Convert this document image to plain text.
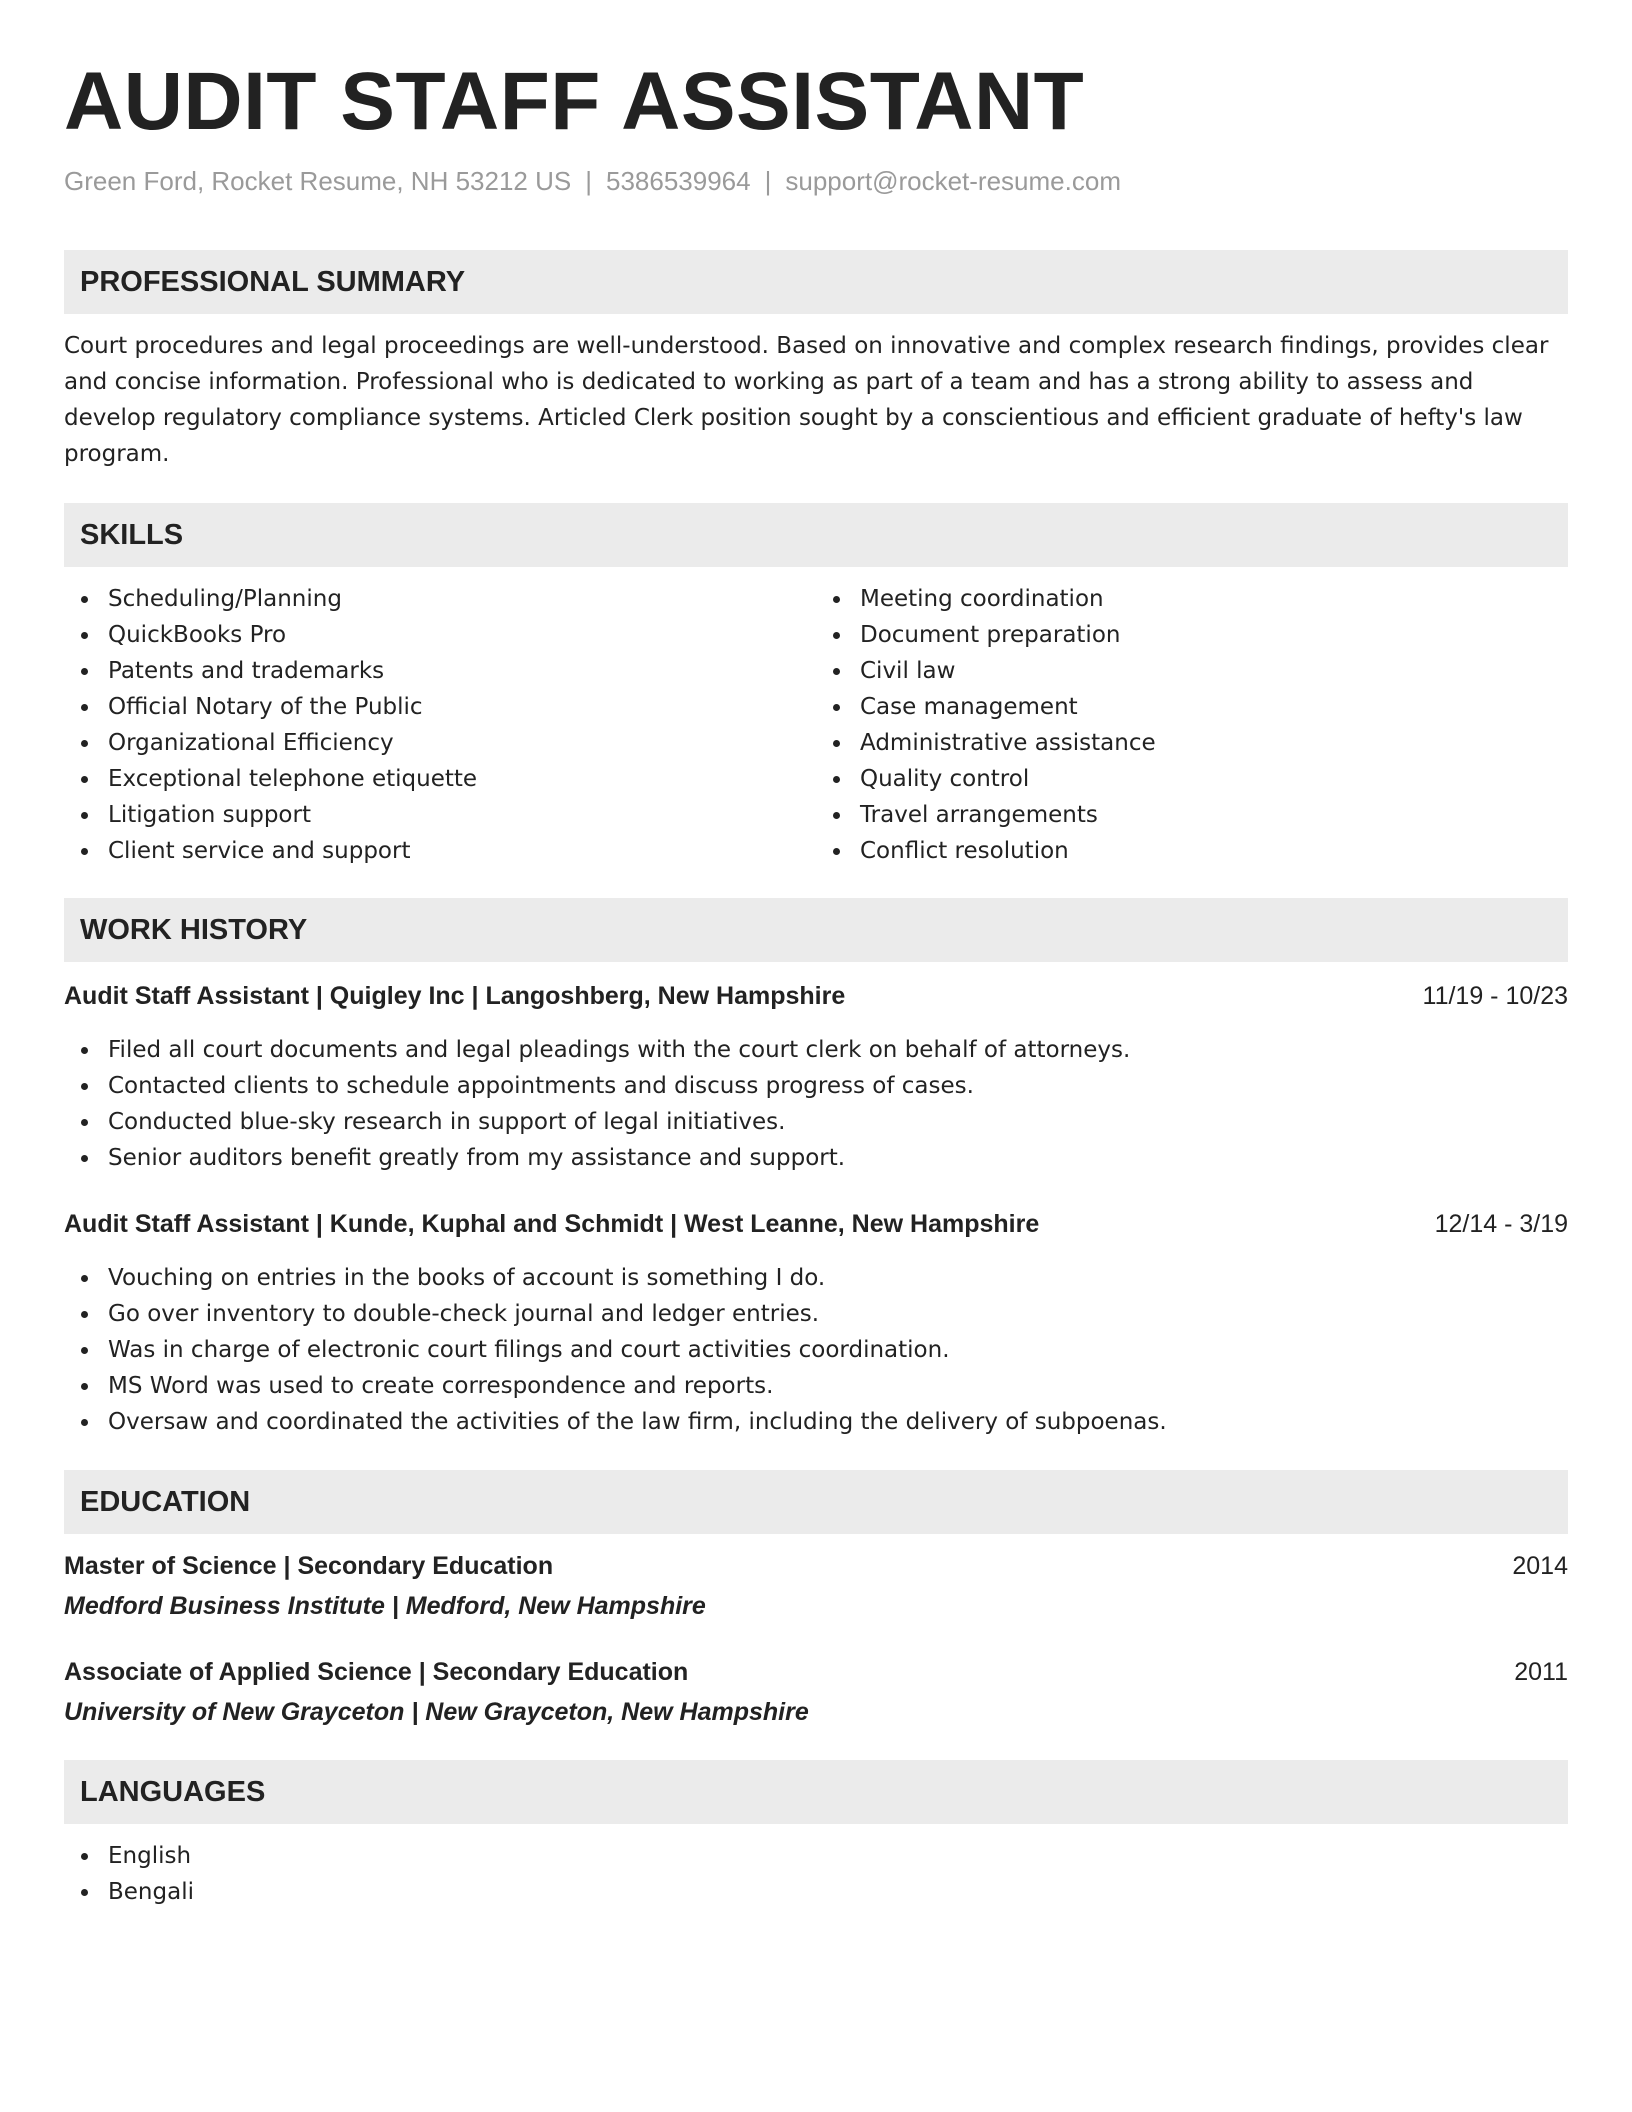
AUDIT STAFF ASSISTANT
Green Ford, Rocket Resume, NH 53212 US | 5386539964 | support@rocket-resume.com
PROFESSIONAL SUMMARY

Court procedures and legal proceedings are well-understood. Based on innovative and complex research findings, provides clear and concise information. Professional who is dedicated to working as part of a team and has a strong ability to assess and develop regulatory compliance systems. Articled Clerk position sought by a conscientious and efficient graduate of hefty's law program.

SKILLS
Scheduling/Planning
QuickBooks Pro
Patents and trademarks
Official Notary of the Public
Organizational Efficiency
Exceptional telephone etiquette
Litigation support
Client service and support
Meeting coordination
Document preparation
Civil law
Case management
Administrative assistance
Quality control
Travel arrangements
Conflict resolution
WORK HISTORY
Audit Staff Assistant | Quigley Inc | Langoshberg, New Hampshire	11/19 - 10/23
Filed all court documents and legal pleadings with the court clerk on behalf of attorneys.
Contacted clients to schedule appointments and discuss progress of cases.
Conducted blue-sky research in support of legal initiatives.
Senior auditors benefit greatly from my assistance and support.
Audit Staff Assistant | Kunde, Kuphal and Schmidt | West Leanne, New Hampshire	12/14 - 3/19
Vouching on entries in the books of account is something I do.
Go over inventory to double-check journal and ledger entries.
Was in charge of electronic court filings and court activities coordination.
MS Word was used to create correspondence and reports.
Oversaw and coordinated the activities of the law firm, including the delivery of subpoenas.
EDUCATION
Master of Science | Secondary Education	2014
Medford Business Institute | Medford, New Hampshire
Associate of Applied Science | Secondary Education	2011
University of New Grayceton | New Grayceton, New Hampshire
LANGUAGES
English
Bengali
